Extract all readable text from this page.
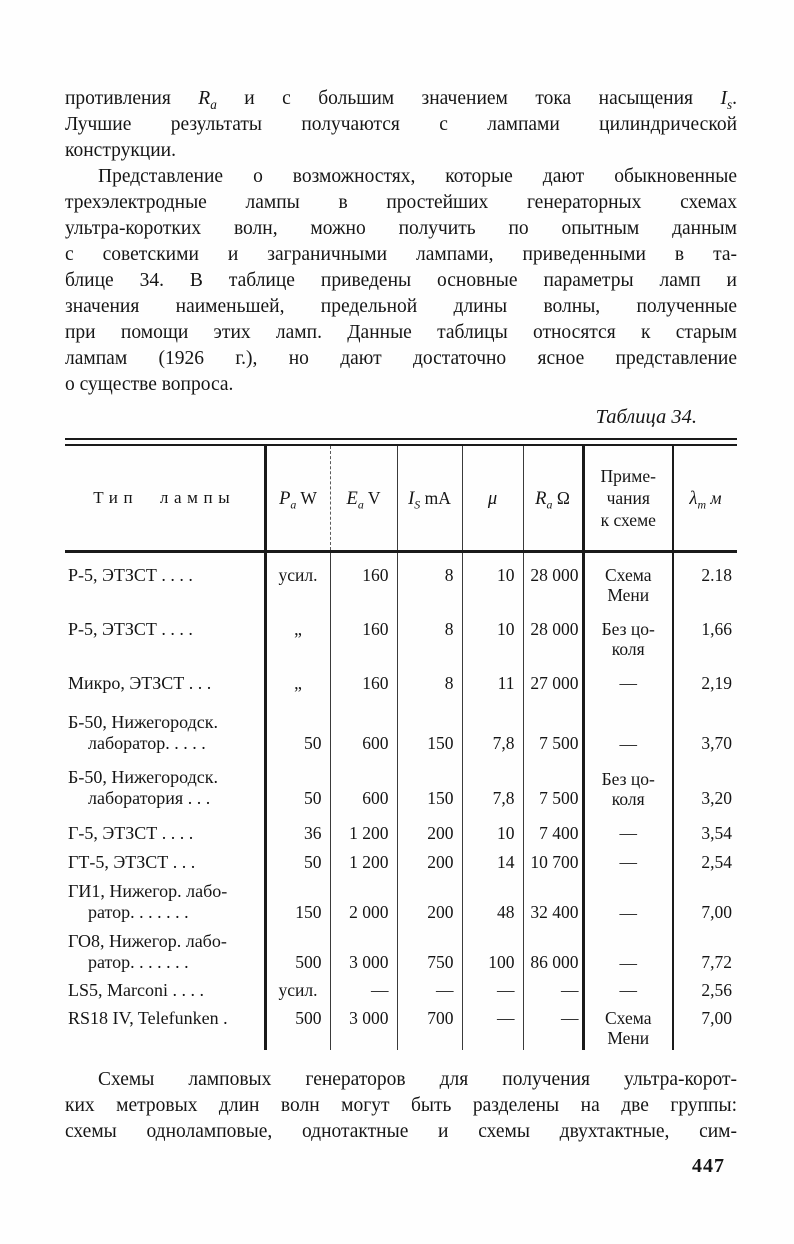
противления $R_a$ и с большим значением тока насыщения $I_s$.
Лучшие результаты получаются с лампами цилиндрической
конструкции.
Представление о возможностях, которые дают обыкновенные
трехэлектродные лампы в простейших генераторных схемах
ультра-коротких волн, можно получить по опытным данным
с советскими и заграничными лампами, приведенными в та-
блице 34. В таблице приведены основные параметры ламп и
значения наименьшей, предельной длины волны, полученные
при помощи этих ламп. Данные таблицы относятся к старым
лампам (1926 г.), но дают достаточно ясное представление
о существе вопроса.
Таблица 34.
Тип лампы	$P_a$ W	$E_a$ V	$I_S$ mA	μ	$R_a$ Ω	Приме-
чания
к схеме	$\lambda_m$ м

Р-5, ЭТЗСТ . . . .	усил.	160	8	10	28 000	Схема
Мени	2.18

Р-5, ЭТЗСТ . . . .	„	160	8	10	28 000	Без цо-
коля	1,66

Микро, ЭТЗСТ . . .	„	160	8	11	27 000	—	2,19

Б-50, Нижегородск.
лаборатор. . . . .	50	600	150	7,8	7 500	—	3,70

Б-50, Нижегородск.
лаборатория . . .	50	600	150	7,8	7 500	
Без цо-
коля	3,20

Г-5, ЭТЗСТ . . . .	36	1 200	200	10	7 400	—	3,54

ГТ-5, ЭТЗСТ . . .	50	1 200	200	14	10 700	—	2,54

ГИ1, Нижегор. лабо-
ратор. . . . . . .	150	2 000	200	48	32 400	—	7,00

ГО8, Нижегор. лабо-
ратор. . . . . . .	500	3 000	750	100	86 000	—	7,72

LS5, Marconi . . . .	усил.	—	—	—	—	—	2,56

RS18 IV, Telefunken .	500	3 000	700	—	—	Схема
Мени	7,00
Схемы ламповых генераторов для получения ультра-корот-
ких метровых длин волн могут быть разделены на две группы:
схемы одноламповые, однотактные и схемы двухтактные, сим-
447
